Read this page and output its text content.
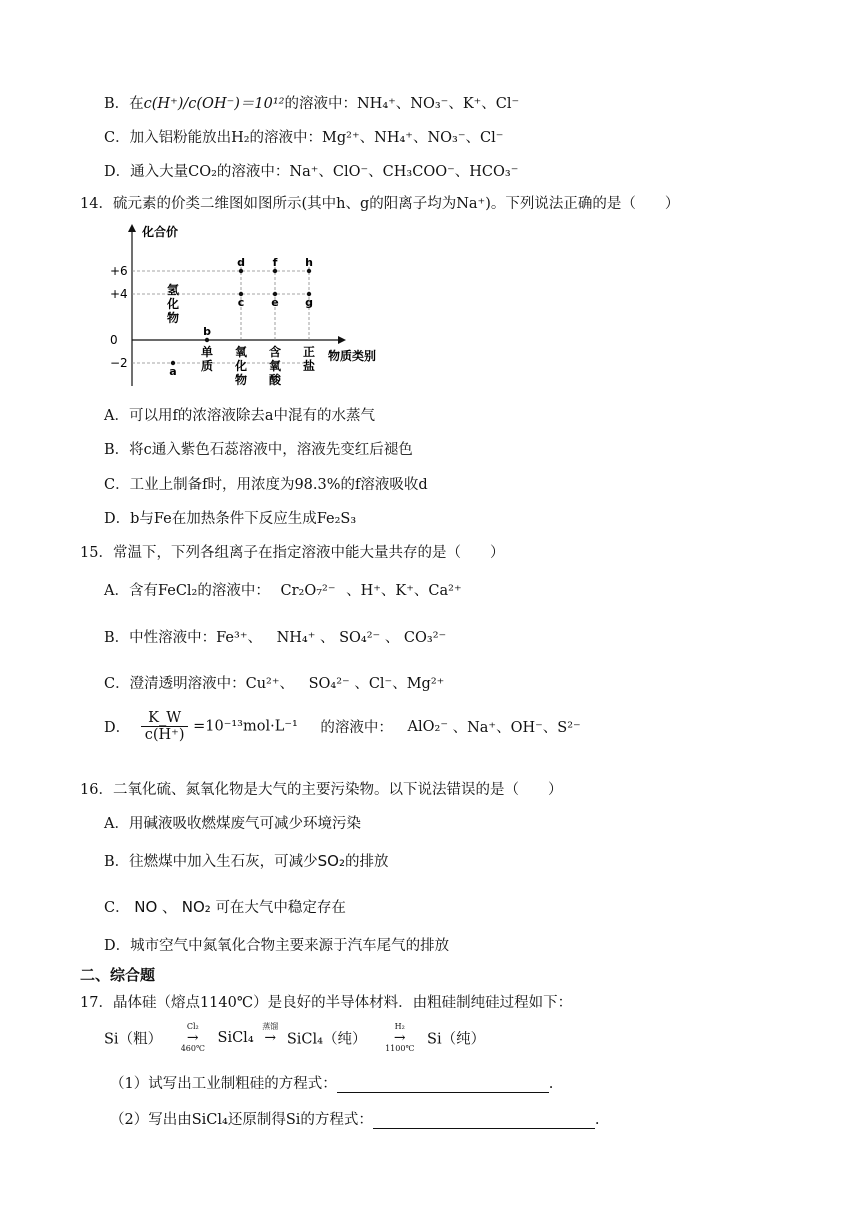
B．在c(H⁺)/c(OH⁻)＝10¹²的溶液中：NH₄⁺、NO₃⁻、K⁺、Cl⁻
C．加入铝粉能放出H₂的溶液中：Mg²⁺、NH₄⁺、NO₃⁻、Cl⁻
D．通入大量CO₂的溶液中：Na⁺、ClO⁻、CH₃COO⁻、HCO₃⁻
14．硫元素的价类二维图如图所示(其中h、g的阳离子均为Na⁺)。下列说法正确的是（　　）
化合价
物质类别
+6
+4
0
−2
氢
化
物
单
质
氧
化
物
含
氧
酸
正
盐
a
b
c
d
e
f
g
h
A．可以用f的浓溶液除去a中混有的水蒸气
B．将c通入紫色石蕊溶液中，溶液先变红后褪色
C．工业上制备f时，用浓度为98.3%的f溶液吸收d
D．b与Fe在加热条件下反应生成Fe₂S₃
15．常温下，下列各组离子在指定溶液中能大量共存的是（　　）
A．含有FeCl₂的溶液中： Cr₂O₇²⁻ 、H⁺、K⁺、Ca²⁺
B．中性溶液中：Fe³⁺、 NH₄⁺ 、 SO₄²⁻ 、 CO₃²⁻
C．澄清透明溶液中：Cu²⁺、 SO₄²⁻ 、Cl⁻、Mg²⁺
D． $\frac{K\_W}{c(H^+)} =10^{-13}mol\cdot L^{-1}$ 的溶液中： AlO₂⁻ 、Na⁺、OH⁻、S²⁻
16．二氧化硫、氮氧化物是大气的主要污染物。以下说法错误的是（　　）
A．用碱液吸收燃煤废气可减少环境污染
B．往燃煤中加入生石灰，可减少SO₂的排放
C． NO 、 NO₂ 可在大气中稳定存在
D．城市空气中氮氧化合物主要来源于汽车尾气的排放
二、综合题
17．晶体硅（熔点1140℃）是良好的半导体材料．由粗硅制纯硅过程如下：
Si（粗）
Cl₂
→
460℃
SiCl₄
蒸馏
→
SiCl₄（纯）
H₂
→
1100℃
Si（纯）
（1）试写出工业制粗硅的方程式：	.
（2）写出由SiCl₄还原制得Si的方程式：	.
